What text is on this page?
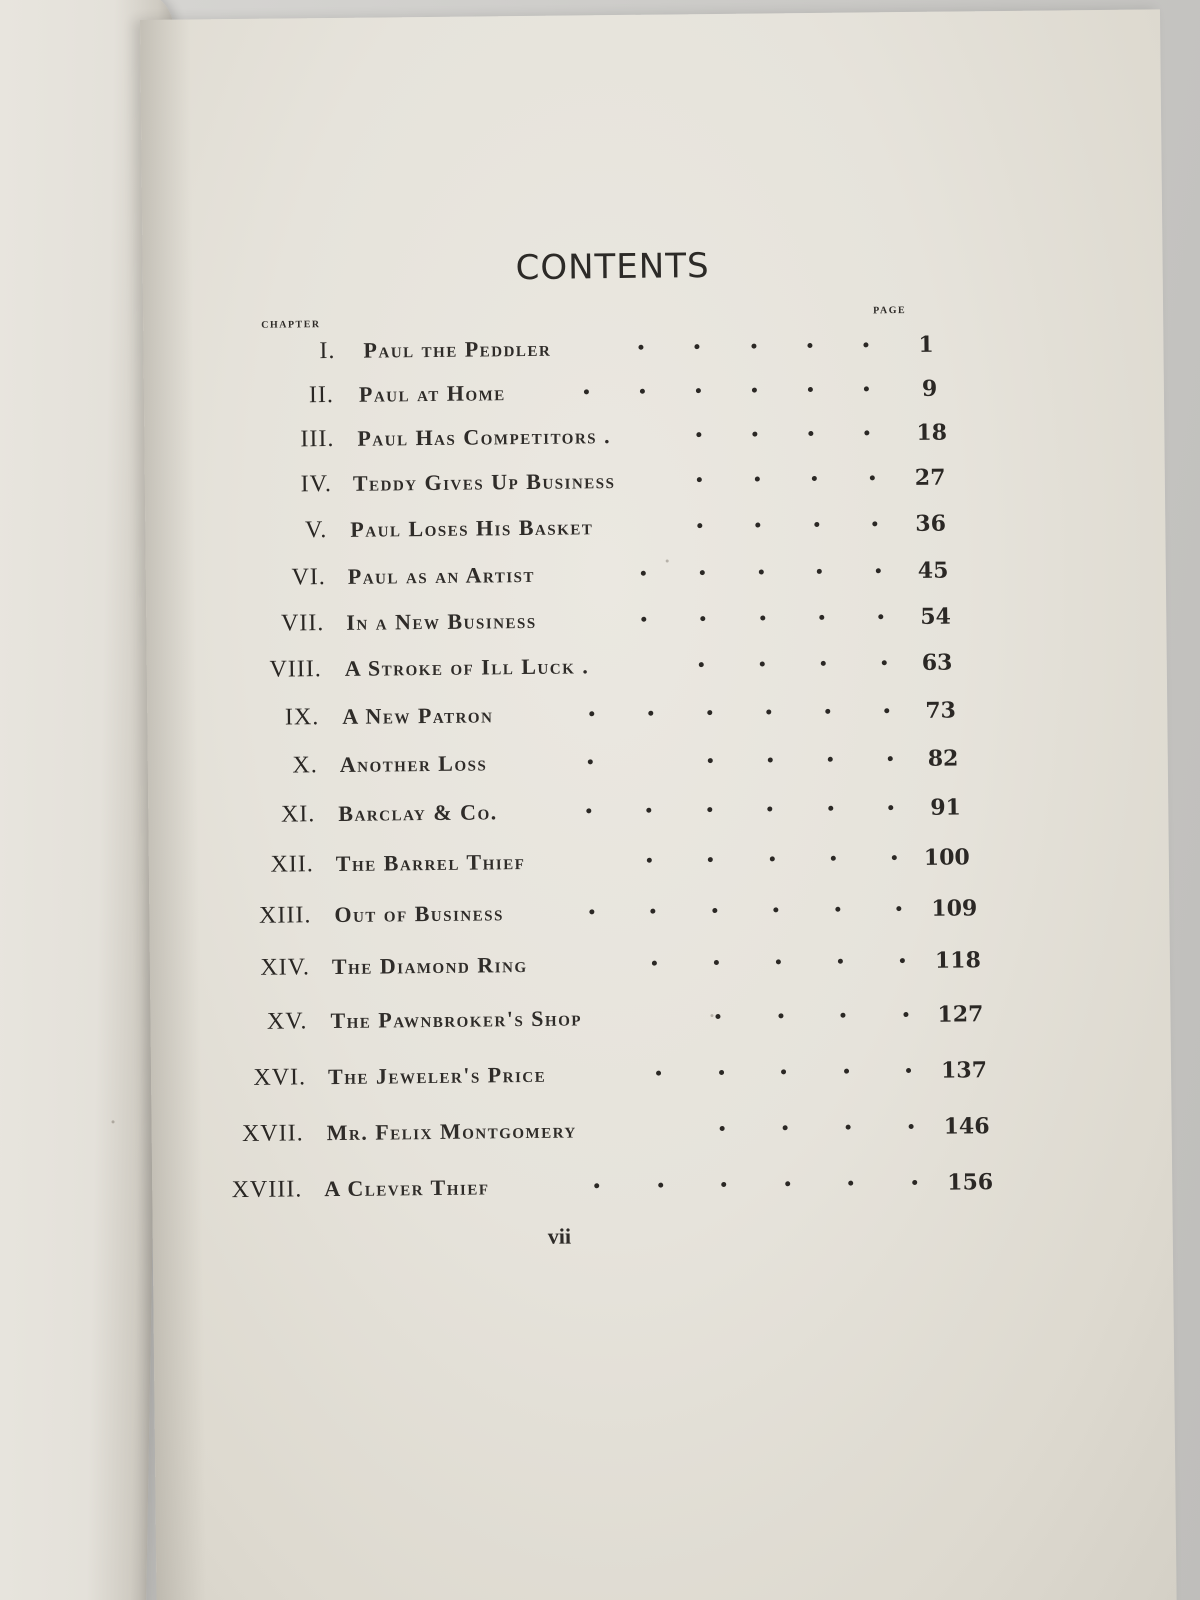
CONTENTS
chapter
page
I. Paul the Peddler	1
II. Paul at Home	9
III. Paul Has Competitors .	18
IV. Teddy Gives Up Business	27
V. Paul Loses His Basket	36
VI. Paul as an Artist	45
VII. In a New Business	54
VIII. A Stroke of Ill Luck .	63
IX. A New Patron	73
X. Another Loss	82
XI. Barclay & Co.	91
XII. The Barrel Thief	100
XIII. Out of Business	109
XIV. The Diamond Ring	118
XV. The Pawnbroker's Shop	127
XVI. The Jeweler's Price	137
XVII. Mr. Felix Montgomery	146
XVIII. A Clever Thief	156
vii
